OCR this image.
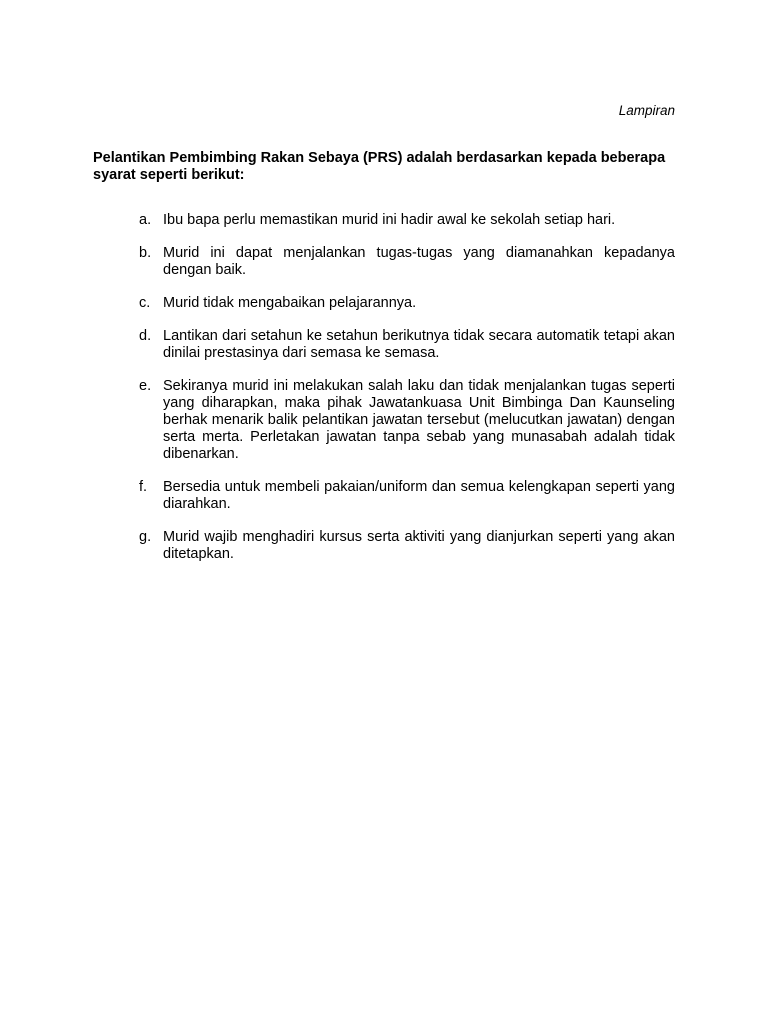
Lampiran

Pelantikan Pembimbing Rakan Sebaya (PRS) adalah berdasarkan kepada beberapa syarat seperti berikut:

a. Ibu bapa perlu memastikan murid ini hadir awal ke sekolah setiap hari.
b. Murid ini dapat menjalankan tugas-tugas yang diamanahkan kepadanya dengan baik.
c. Murid tidak mengabaikan pelajarannya.
d. Lantikan dari setahun ke setahun berikutnya tidak secara automatik tetapi akan dinilai prestasinya dari semasa ke semasa.
e. Sekiranya murid ini melakukan salah laku dan tidak menjalankan tugas seperti yang diharapkan, maka pihak Jawatankuasa Unit Bimbinga Dan Kaunseling berhak menarik balik pelantikan jawatan tersebut (melucutkan jawatan) dengan serta merta. Perletakan jawatan tanpa sebab yang munasabah adalah tidak dibenarkan.
f.	Bersedia untuk membeli pakaian/uniform dan semua kelengkapan seperti yang diarahkan.
g. Murid wajib menghadiri kursus serta aktiviti yang dianjurkan seperti yang akan ditetapkan.
